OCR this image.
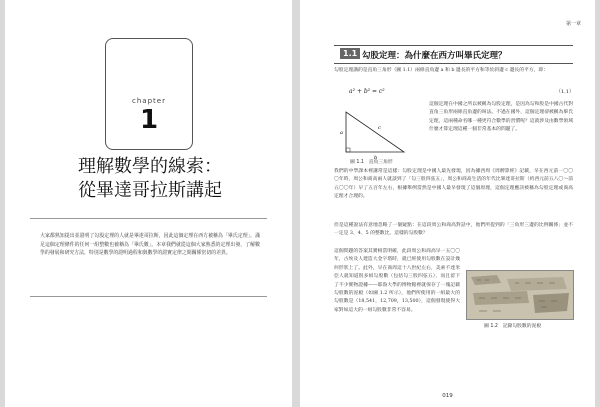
chapter
1
理解數學的線索：
從畢達哥拉斯講起
大家都熟知提出並證明了勾股定理的人就是畢達哥拉斯，因此這個定理在西方被稱為「畢氏定理」，滿足這個定理條件的任何一組整數也被稱為「畢氏數」。本章我們就從這個大家熟悉的定理出發，了解數學的發展和研究方法，特別是數學的證明過程和與數學的證實定律之間關係密切的差異。
第一章
1.1 勾股定理：為什麼在西方叫畢氏定理？
勾股定理講的是直角三角形（圖 1.1）兩條直角邊 a 和 b 邊長的平方和等於斜邊 c 邊長的平方，即：
a² + b² = c²	（1.1）
a
b
c
圖 1.1　直角三角形
這個定理在中國之所以被稱為勾股定理，是因為勾和股是中國古代對直角三角形兩條直角邊的叫法。不過在國外，這個定理卻被稱為畢氏定理，這兩種命名哪一種更符合數學的習慣呢？這就涉及由數學領域什麼才算定理這種一個非常基本的問題了。
我們的中學課本裡講常是這樣：勾股定理是中國人最先發現，因為據西周《周髀算經》記載，早在西元前一〇〇〇年時，周公和商高兩人就談到了「勾三股四弦五」，周公和商高生活的年代比畢達哥拉斯（約西元前五八〇～前五〇〇年）早了五百年左右，根據舉例當然是中國人最早發現了這個原理，這個定理應該被稱為勾股定理或商高定理才合理的。
但是這種說法有意地忽略了一個疑點：在這段周公和商高對話中，他們所提到的「三角形三邊的比例關係」並不一定是 3、4、5 的整數比，這樣的勾股數？
這個問題的答案其實相當明確，此段周公和商高早一五〇〇年，古埃及人建造大金字塔時，就已經使用勾股數在設計幾何形狀上了。此外，早在商周這十八世紀左右，美索不達米亞人就知道很多組勾股數（包括勾三股四弦五），而且留下了不少實物證據——耶魯大學的博物館裡就保存了一塊記載勾股數的泥板（如圖 1.2 所示），他們所使用的一組最大的勾股數是（18,541，12,709，13,500），這個發現使得大家對如這大的一組勾股數非常不容易。
圖 1.2　記錄勾股數的泥板
019
